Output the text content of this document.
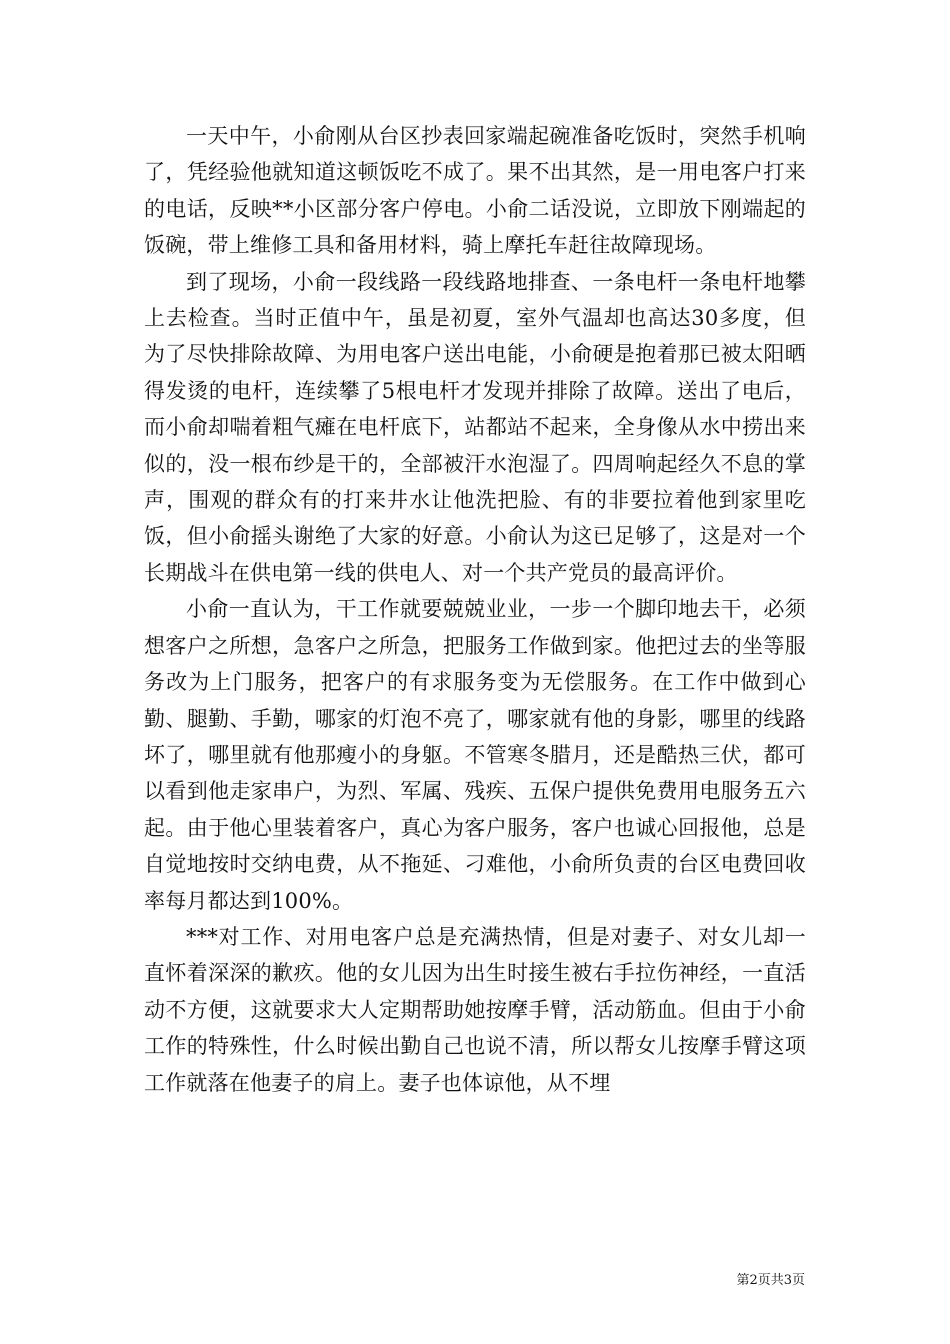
一天中午，小俞刚从台区抄表回家端起碗准备吃饭时，突然手机响了，凭经验他就知道这顿饭吃不成了。果不出其然，是一用电客户打来的电话，反映**小区部分客户停电。小俞二话没说，立即放下刚端起的饭碗，带上维修工具和备用材料，骑上摩托车赶往故障现场。

到了现场，小俞一段线路一段线路地排查、一条电杆一条电杆地攀上去检查。当时正值中午，虽是初夏，室外气温却也高达30多度，但为了尽快排除故障、为用电客户送出电能，小俞硬是抱着那已被太阳晒得发烫的电杆，连续攀了5根电杆才发现并排除了故障。送出了电后，而小俞却喘着粗气瘫在电杆底下，站都站不起来，全身像从水中捞出来似的，没一根布纱是干的，全部被汗水泡湿了。四周响起经久不息的掌声，围观的群众有的打来井水让他洗把脸、有的非要拉着他到家里吃饭，但小俞摇头谢绝了大家的好意。小俞认为这已足够了，这是对一个长期战斗在供电第一线的供电人、对一个共产党员的最高评价。

小俞一直认为，干工作就要兢兢业业，一步一个脚印地去干，必须想客户之所想，急客户之所急，把服务工作做到家。他把过去的坐等服务改为上门服务，把客户的有求服务变为无偿服务。在工作中做到心勤、腿勤、手勤，哪家的灯泡不亮了，哪家就有他的身影，哪里的线路坏了，哪里就有他那瘦小的身躯。不管寒冬腊月，还是酷热三伏，都可以看到他走家串户，为烈、军属、残疾、五保户提供免费用电服务五六起。由于他心里装着客户，真心为客户服务，客户也诚心回报他，总是自觉地按时交纳电费，从不拖延、刁难他，小俞所负责的台区电费回收率每月都达到100%。

***对工作、对用电客户总是充满热情，但是对妻子、对女儿却一直怀着深深的歉疚。他的女儿因为出生时接生被右手拉伤神经，一直活动不方便，这就要求大人定期帮助她按摩手臂，活动筋血。但由于小俞工作的特殊性，什么时候出勤自己也说不清，所以帮女儿按摩手臂这项工作就落在他妻子的肩上。妻子也体谅他，从不埋

第2页共3页
